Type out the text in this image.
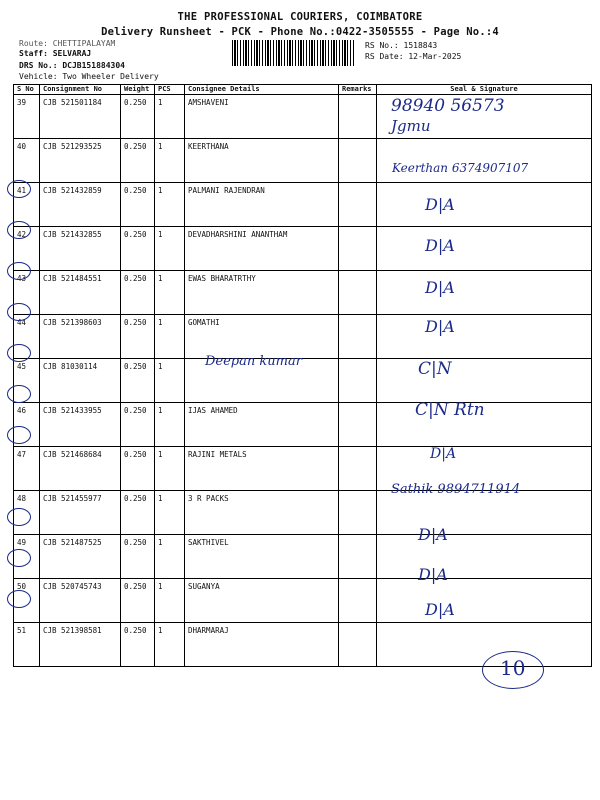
THE PROFESSIONAL COURIERS, COIMBATORE
Delivery Runsheet - PCK - Phone No.:0422-3505555 - Page No.:4
Route: CHETTIPALAYAM
Staff: SELVARAJ
DRS No.: DCJB151884304
Vehicle: Two Wheeler Delivery
RS No.: 1518843
RS Date: 12-Mar-2025
S No	Consignment No	Weight	PCS	Consignee Details	Remarks	Seal & Signature
39	CJB 521501184	0.250	1	AMSHAVENI		
40	CJB 521293525	0.250	1	KEERTHANA		
41	CJB 521432859	0.250	1	PALMANI RAJENDRAN		
42	CJB 521432855	0.250	1	DEVADHARSHINI ANANTHAM		
43	CJB 521484551	0.250	1	EWAS BHARATRTHY		
44	CJB 521398603	0.250	1	GOMATHI		
45	CJB 81030114	0.250	1			
46	CJB 521433955	0.250	1	IJAS AHAMED		
47	CJB 521468684	0.250	1	RAJINI METALS		
48	CJB 521455977	0.250	1	3 R PACKS		
49	CJB 521487525	0.250	1	SAKTHIVEL		
50	CJB 520745743	0.250	1	SUGANYA		
51	CJB 521398581	0.250	1	DHARMARAJ		
98940 56573
Jgmu
Keerthan 6374907107
D|A
D|A
D|A
D|A
Deepan kumar	C|N
C|N Rtn
D|A
Sathik 9894711914
D|A
D|A
D|A
10
